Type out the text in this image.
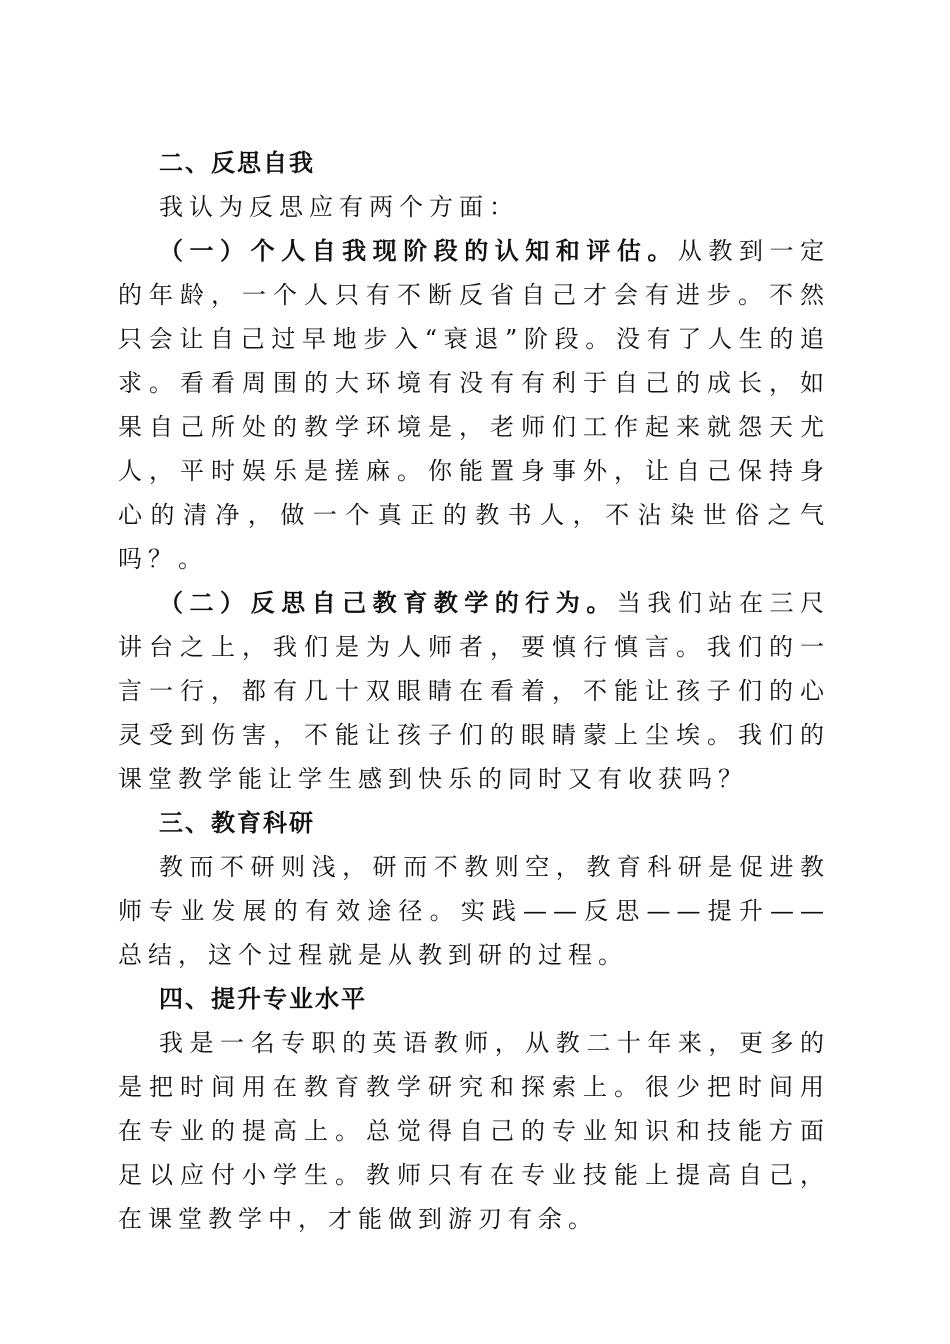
二、反思自我

我认为反思应有两个方面：

（一）个人自我现阶段的认知和评估。从教到一定的年龄，一个人只有不断反省自己才会有进步。不然只会让自己过早地步入“衰退”阶段。没有了人生的追求。看看周围的大环境有没有有利于自己的成长，如果自己所处的教学环境是，老师们工作起来就怨天尤人，平时娱乐是搓麻。你能置身事外，让自己保持身心的清净，做一个真正的教书人，不沾染世俗之气吗？。

（二）反思自己教育教学的行为。当我们站在三尺讲台之上，我们是为人师者，要慎行慎言。我们的一言一行，都有几十双眼睛在看着，不能让孩子们的心灵受到伤害，不能让孩子们的眼睛蒙上尘埃。我们的课堂教学能让学生感到快乐的同时又有收获吗？

三、教育科研

教而不研则浅，研而不教则空，教育科研是促进教师专业发展的有效途径。实践——反思——提升——总结，这个过程就是从教到研的过程。

四、提升专业水平

我是一名专职的英语教师，从教二十年来，更多的是把时间用在教育教学研究和探索上。很少把时间用在专业的提高上。总觉得自己的专业知识和技能方面足以应付小学生。教师只有在专业技能上提高自己，在课堂教学中，才能做到游刃有余。
